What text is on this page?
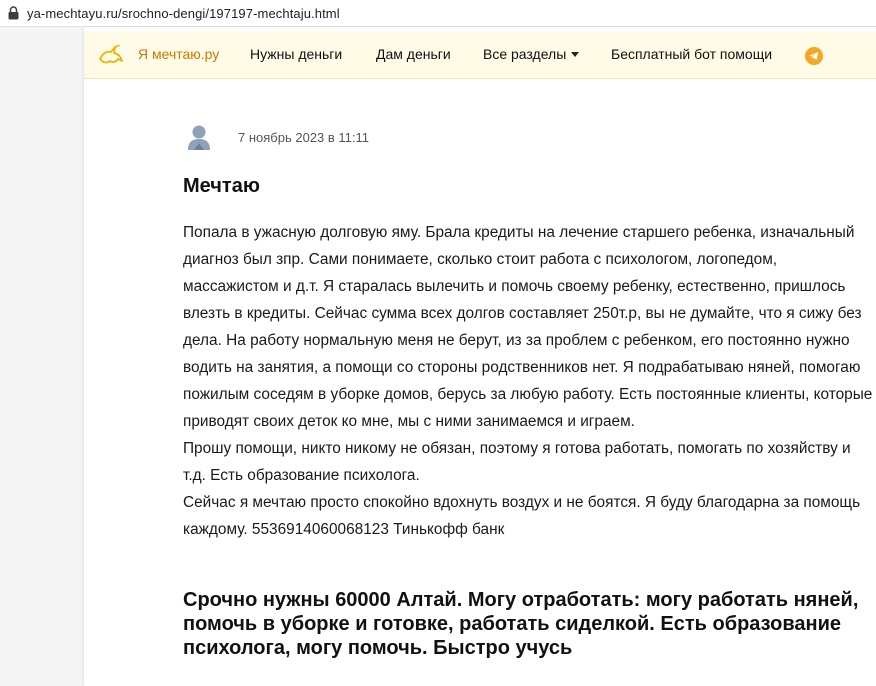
ya-mechtayu.ru/srochno-dengi/197197-mechtaju.html
Я мечтаю.ру Нужны деньги Дам деньги Все разделы	Бесплатный бот помощи
7 ноябрь 2023 в 11:11
Мечтаю

Попала в ужасную долговую яму. Брала кредиты на лечение старшего ребенка, изначальный диагноз был зпр. Сами понимаете, сколько стоит работа с психологом, логопедом, массажистом и д.т. Я старалась вылечить и помочь своему ребенку, естественно, пришлось влезть в кредиты. Сейчас сумма всех долгов составляет 250т.р, вы не думайте, что я сижу без дела. На работу нормальную меня не берут, из за проблем с ребенком, его постоянно нужно водить на занятия, а помощи со стороны родственников нет. Я подрабатываю няней, помогаю пожилым соседям в уборке домов, берусь за любую работу. Есть постоянные клиенты, которые приводят своих деток ко мне, мы с ними занимаемся и играем.

Прошу помощи, никто никому не обязан, поэтому я готова работать, помогать по хозяйству и т.д. Есть образование психолога.

Сейчас я мечтаю просто спокойно вдохнуть воздух и не боятся. Я буду благодарна за помощь каждому. 5536914060068123 Тинькофф банк

Срочно нужны 60000 Алтай. Могу отработать: могу работать няней, помочь в уборке и готовке, работать сиделкой. Есть образование психолога, могу помочь. Быстро учусь
